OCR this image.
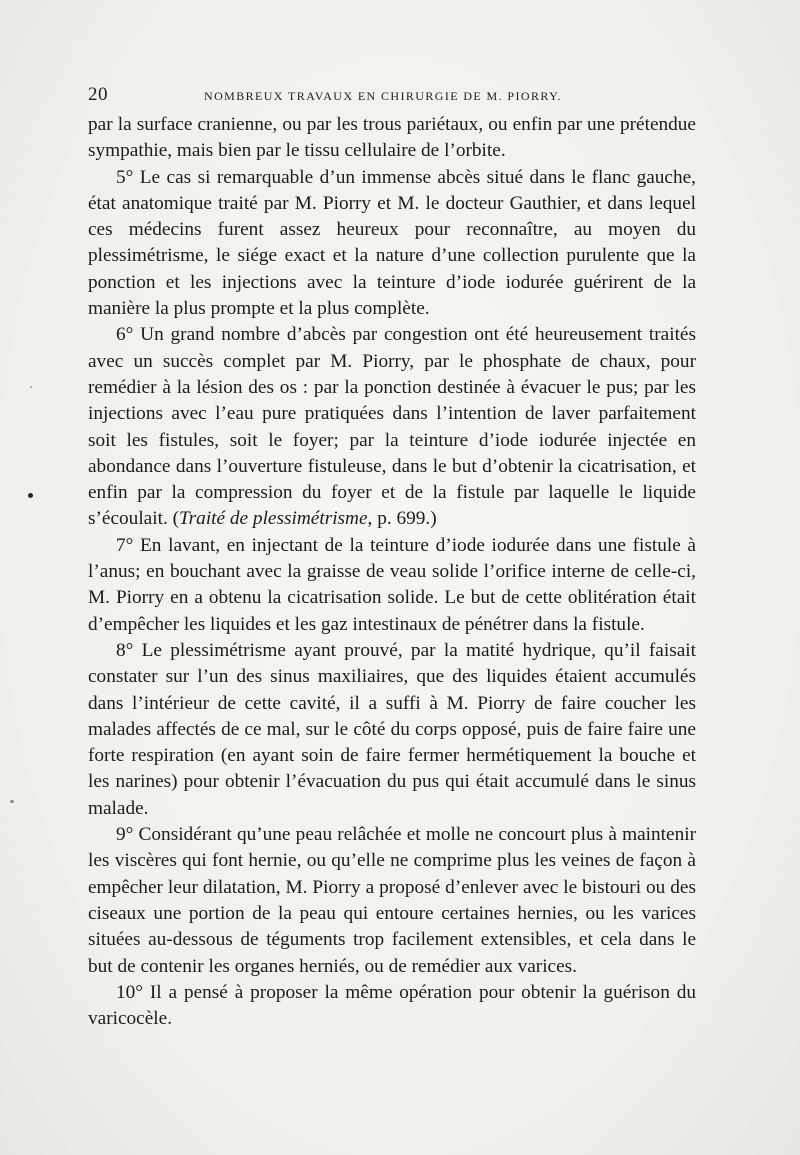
20	NOMBREUX TRAVAUX EN CHIRURGIE DE M. PIORRY.

par la surface cranienne, ou par les trous pariétaux, ou enfin par une prétendue sympathie, mais bien par le tissu cellulaire de l’orbite.

5° Le cas si remarquable d’un immense abcès situé dans le flanc gauche, état anatomique traité par M. Piorry et M. le docteur Gauthier, et dans lequel ces médecins furent assez heureux pour reconnaître, au moyen du plessimétrisme, le siége exact et la nature d’une collection purulente que la ponction et les injections avec la teinture d’iode iodurée guérirent de la manière la plus prompte et la plus complète.

6° Un grand nombre d’abcès par congestion ont été heureusement traités avec un succès complet par M. Piorry, par le phosphate de chaux, pour remédier à la lésion des os : par la ponction destinée à évacuer le pus; par les injections avec l’eau pure pratiquées dans l’intention de laver parfaitement soit les fistules, soit le foyer; par la teinture d’iode iodurée injectée en abondance dans l’ouverture fistuleuse, dans le but d’obtenir la cicatrisation, et enfin par la compression du foyer et de la fistule par laquelle le liquide s’écoulait. (Traité de plessimétrisme, p. 699.)

7° En lavant, en injectant de la teinture d’iode iodurée dans une fistule à l’anus; en bouchant avec la graisse de veau solide l’orifice interne de celle-ci, M. Piorry en a obtenu la cicatrisation solide. Le but de cette oblitération était d’empêcher les liquides et les gaz intestinaux de pénétrer dans la fistule.

8° Le plessimétrisme ayant prouvé, par la matité hydrique, qu’il faisait constater sur l’un des sinus maxiliaires, que des liquides étaient accumulés dans l’intérieur de cette cavité, il a suffi à M. Piorry de faire coucher les malades affectés de ce mal, sur le côté du corps opposé, puis de faire faire une forte respiration (en ayant soin de faire fermer hermétiquement la bouche et les narines) pour obtenir l’évacuation du pus qui était accumulé dans le sinus malade.

9° Considérant qu’une peau relâchée et molle ne concourt plus à maintenir les viscères qui font hernie, ou qu’elle ne comprime plus les veines de façon à empêcher leur dilatation, M. Piorry a proposé d’enlever avec le bistouri ou des ciseaux une portion de la peau qui entoure certaines hernies, ou les varices situées au-dessous de téguments trop facilement extensibles, et cela dans le but de contenir les organes herniés, ou de remédier aux varices.

10° Il a pensé à proposer la même opération pour obtenir la guérison du varicocèle.
